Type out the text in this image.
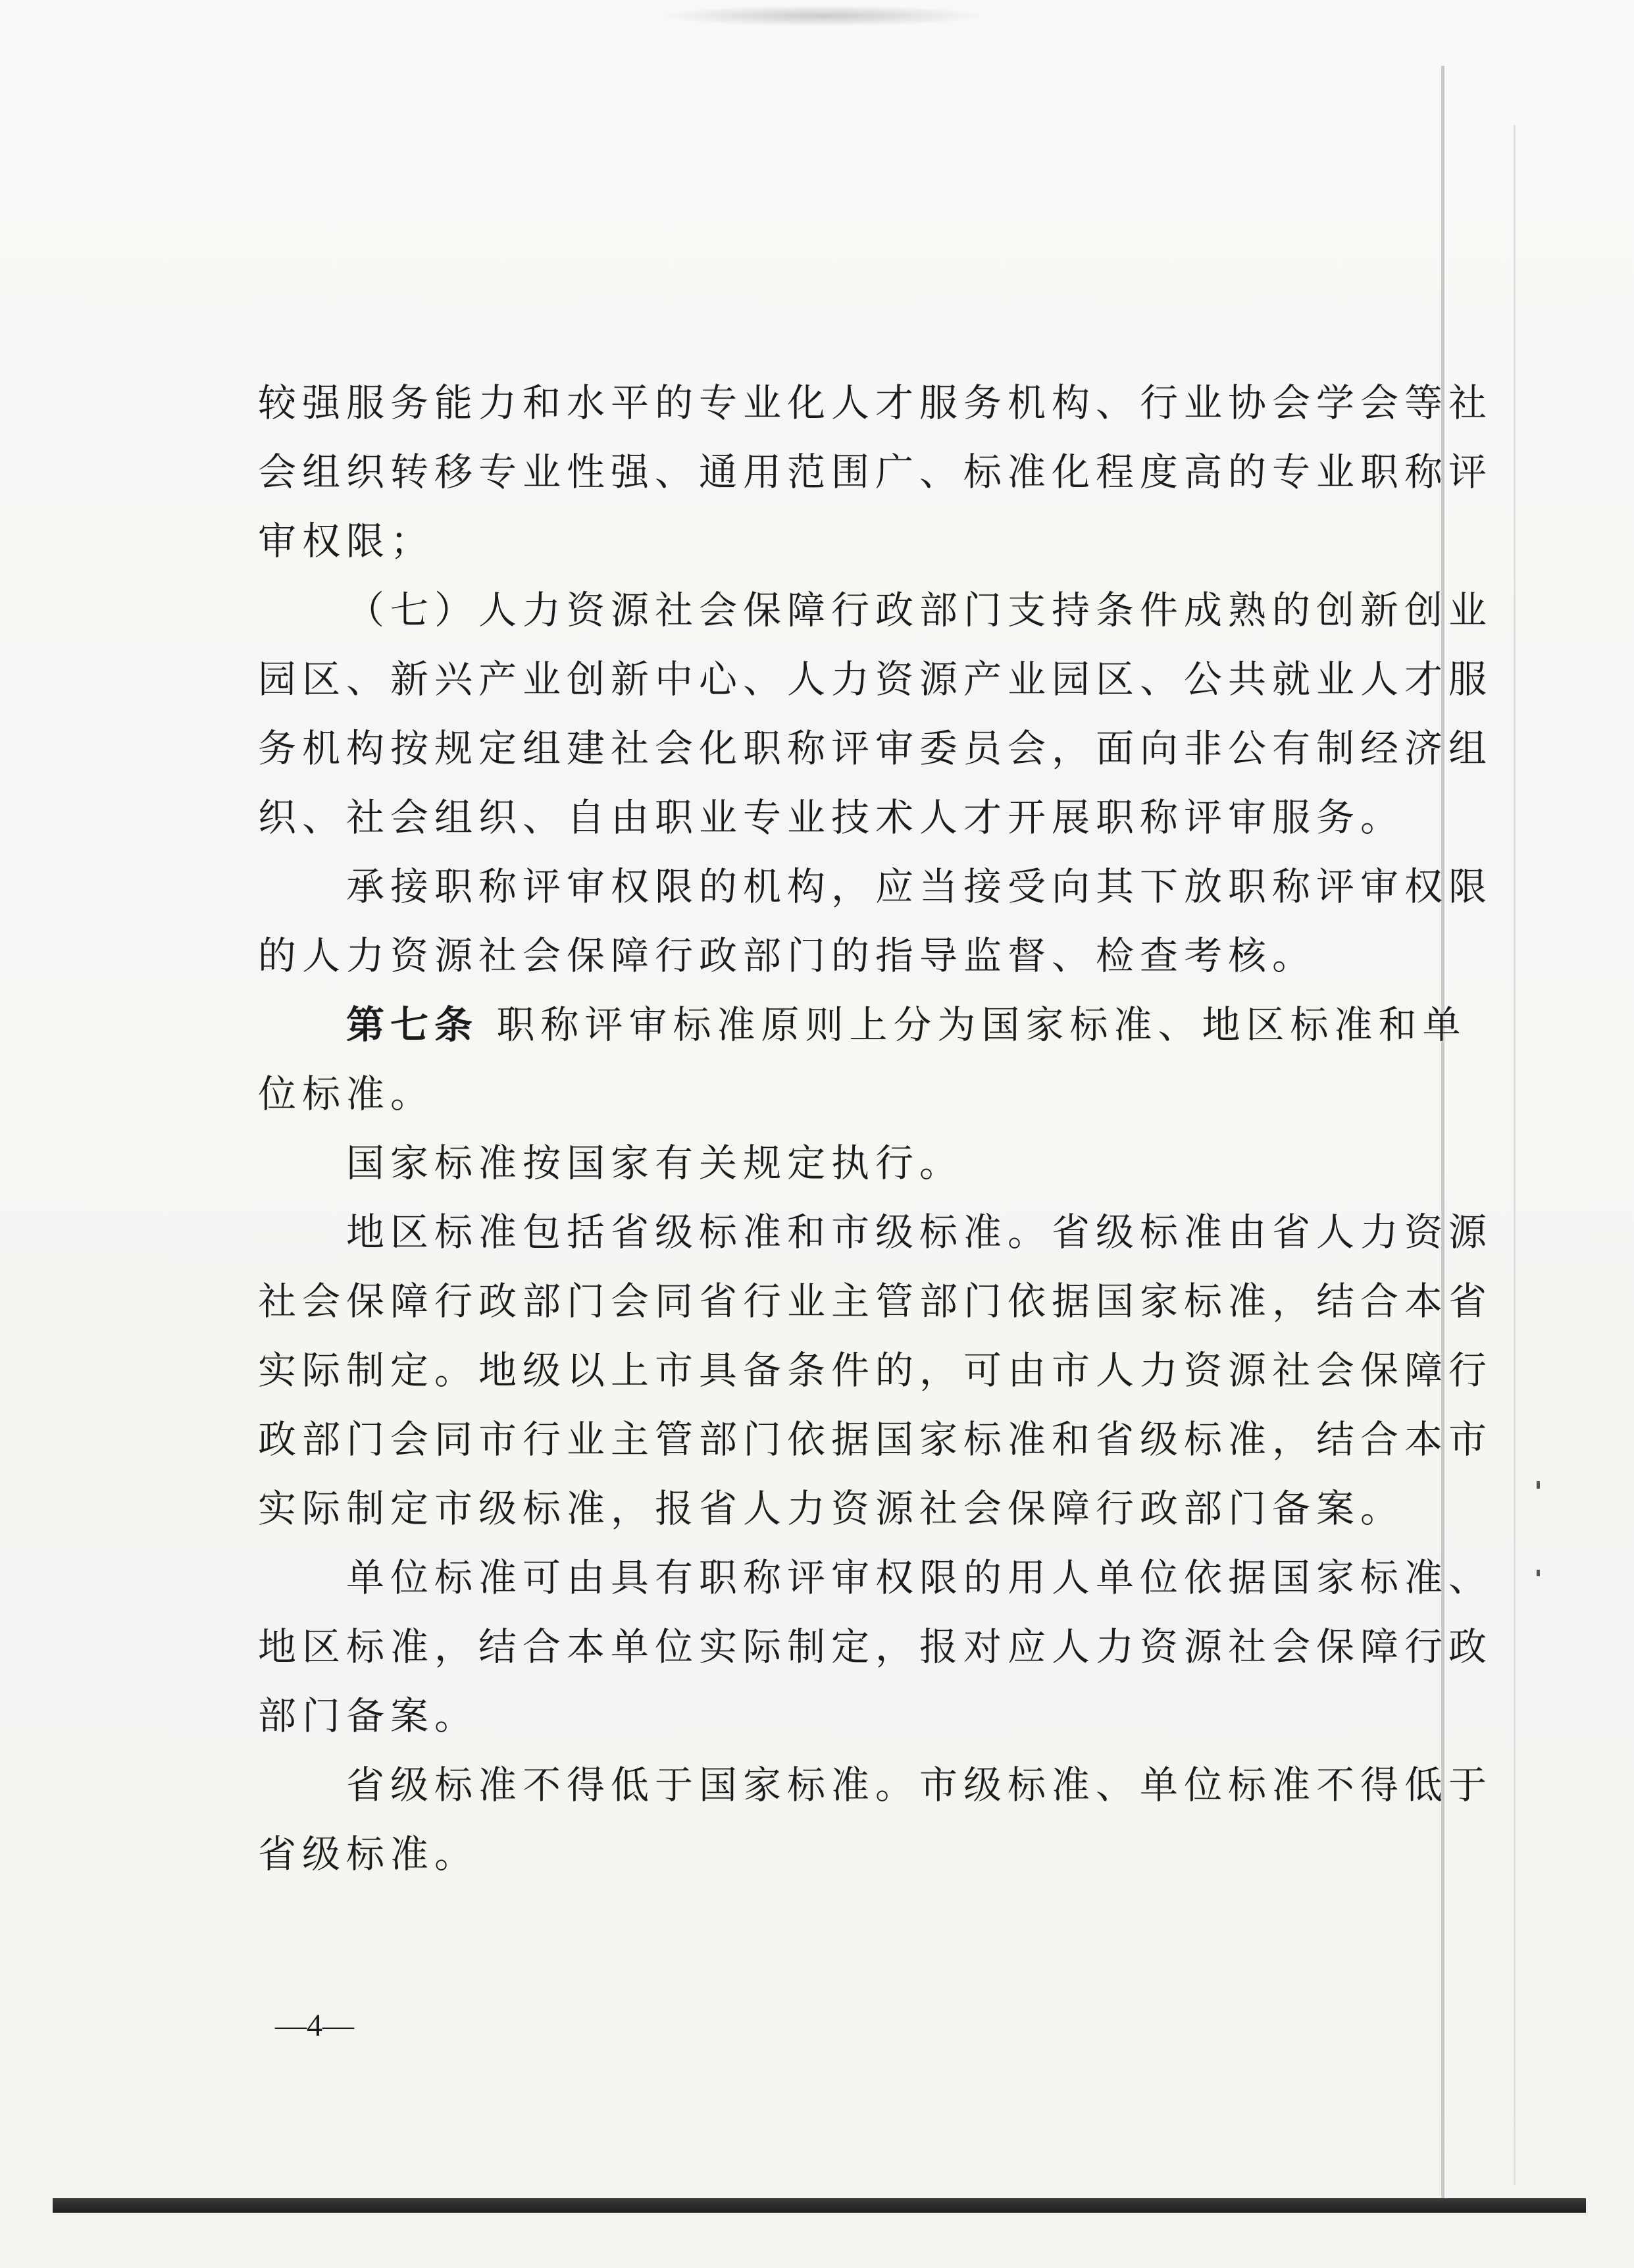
较强服务能力和水平的专业化人才服务机构、行业协会学会等社
会组织转移专业性强、通用范围广、标准化程度高的专业职称评
审权限；
（七）人力资源社会保障行政部门支持条件成熟的创新创业
园区、新兴产业创新中心、人力资源产业园区、公共就业人才服
务机构按规定组建社会化职称评审委员会，面向非公有制经济组
织、社会组织、自由职业专业技术人才开展职称评审服务。
承接职称评审权限的机构，应当接受向其下放职称评审权限
的人力资源社会保障行政部门的指导监督、检查考核。
第七条 职称评审标准原则上分为国家标准、地区标准和单
位标准。
国家标准按国家有关规定执行。
地区标准包括省级标准和市级标准。省级标准由省人力资源
社会保障行政部门会同省行业主管部门依据国家标准，结合本省
实际制定。地级以上市具备条件的，可由市人力资源社会保障行
政部门会同市行业主管部门依据国家标准和省级标准，结合本市
实际制定市级标准，报省人力资源社会保障行政部门备案。
单位标准可由具有职称评审权限的用人单位依据国家标准、
地区标准，结合本单位实际制定，报对应人力资源社会保障行政
部门备案。
省级标准不得低于国家标准。市级标准、单位标准不得低于
省级标准。
—4—
